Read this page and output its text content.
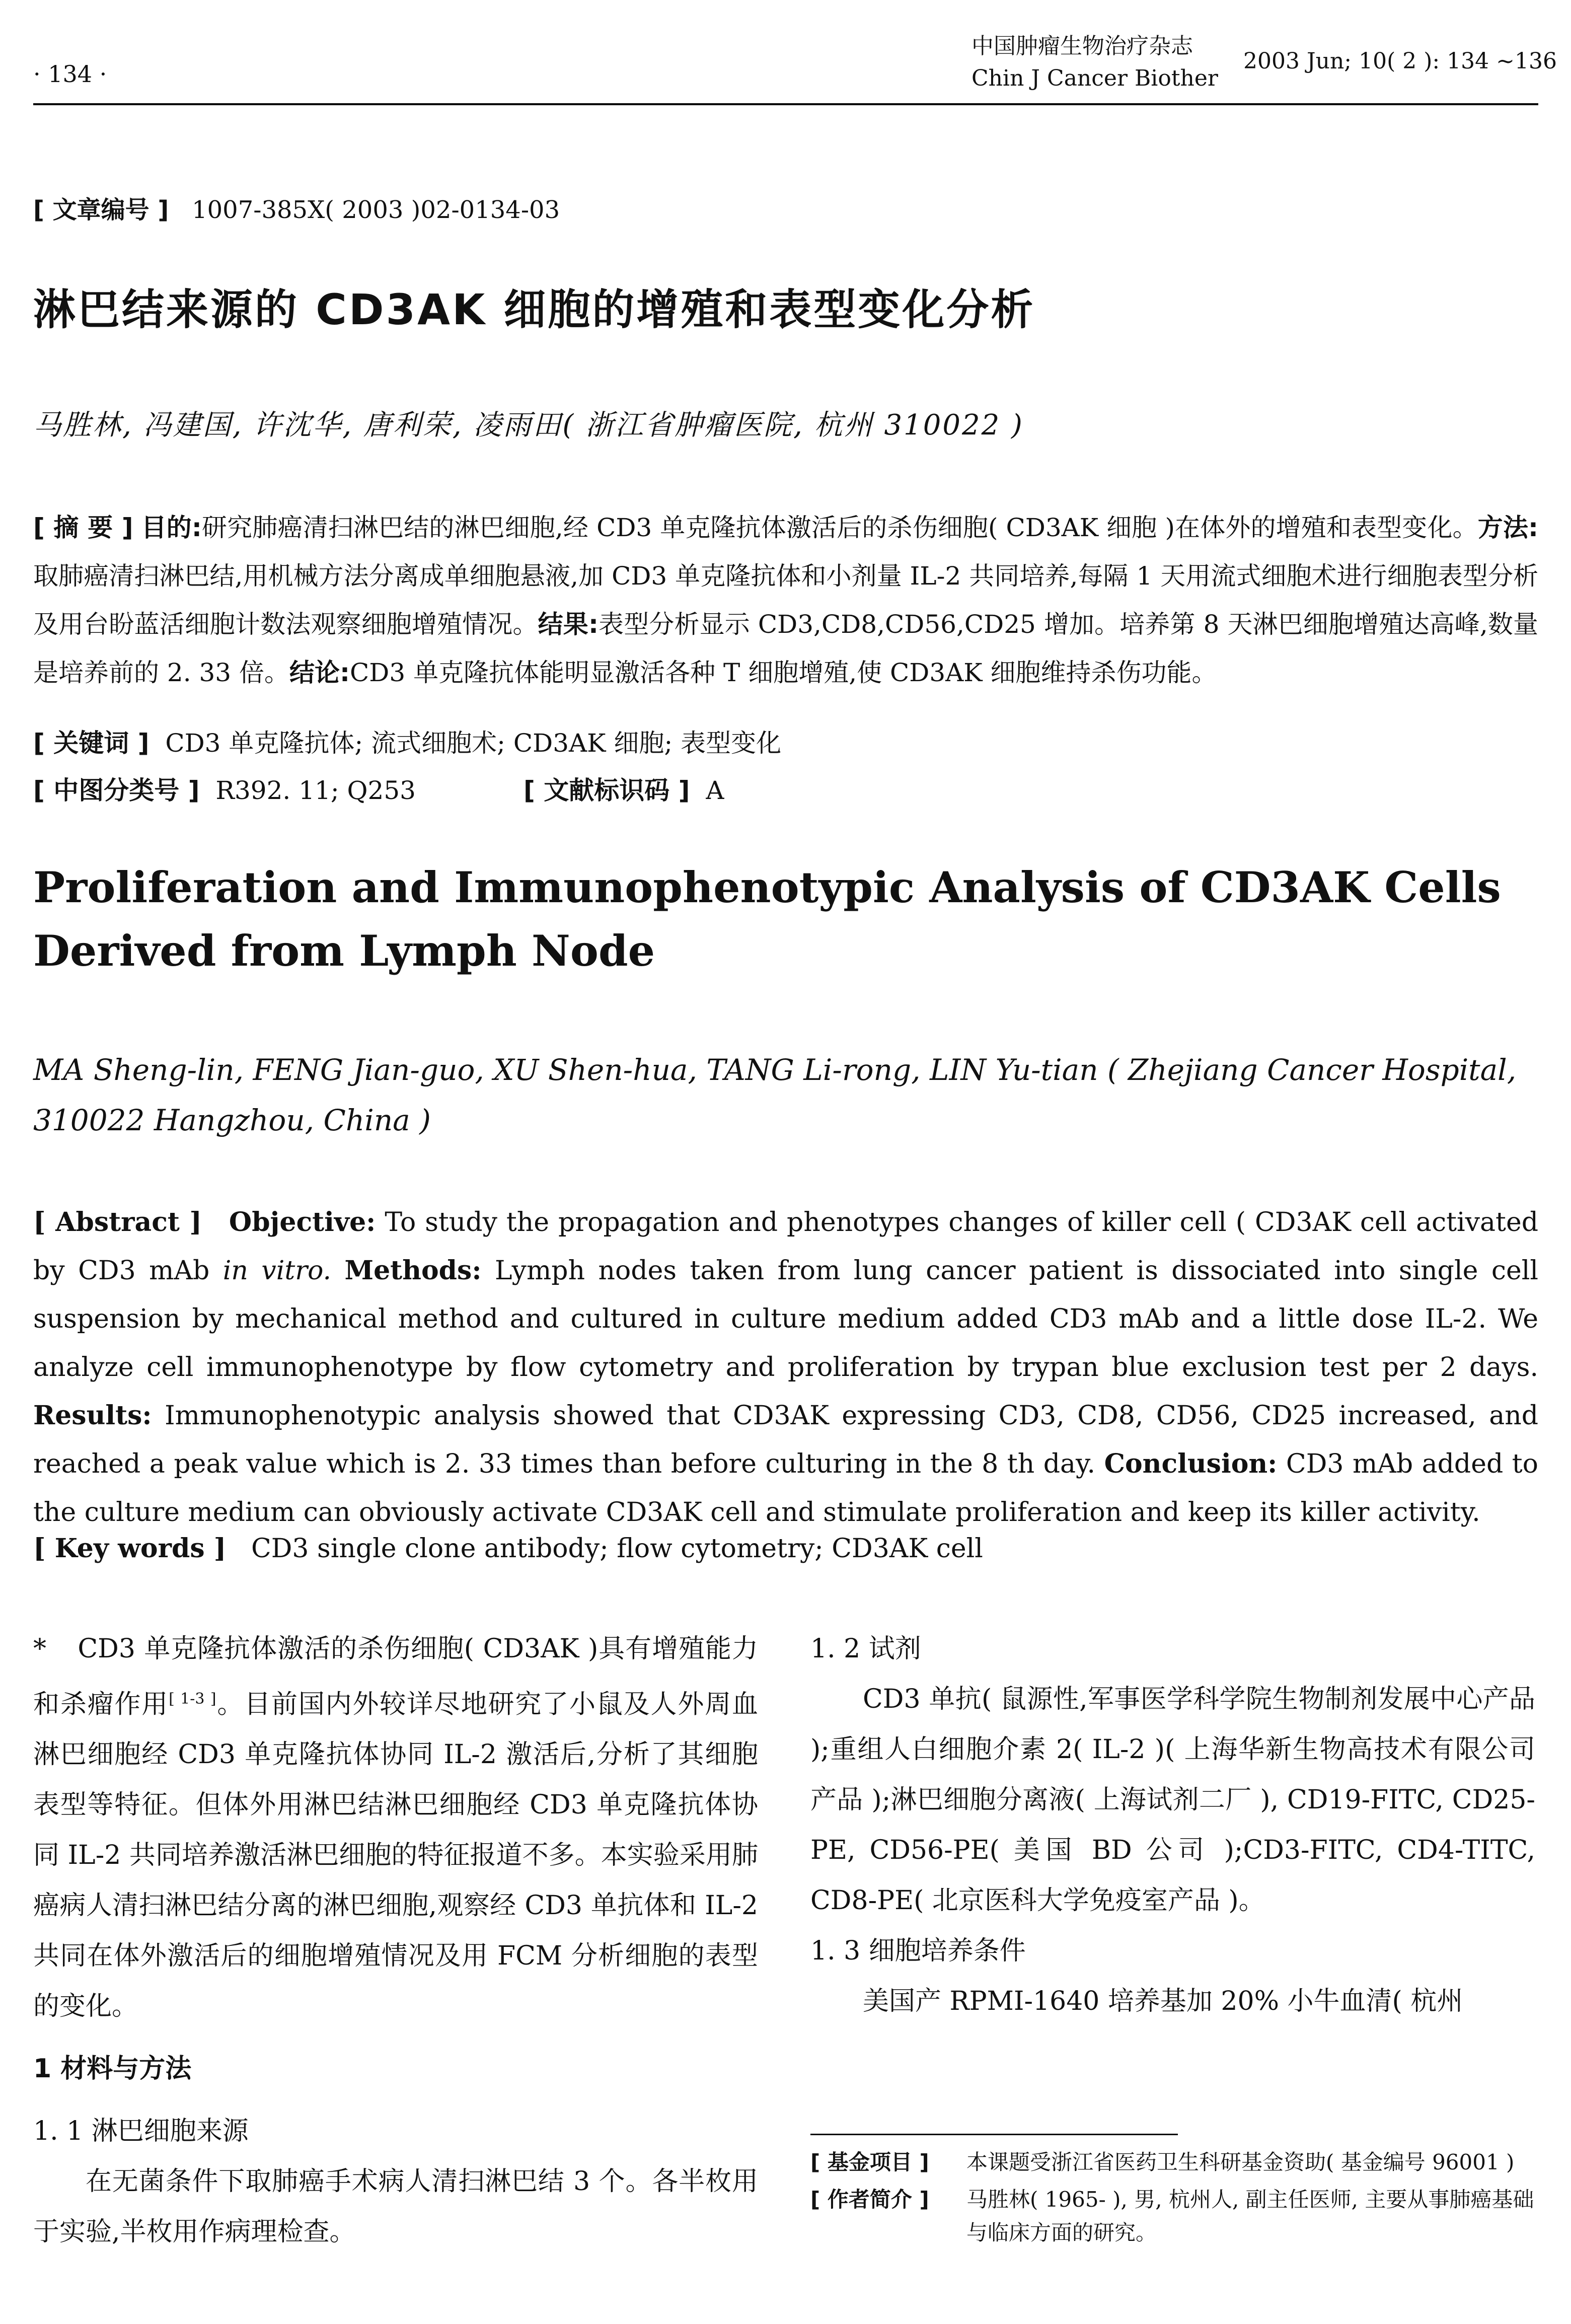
· 134 ·
中国肿瘤生物治疗杂志
Chin J Cancer Biother
2003 Jun; 10( 2 ): 134 ~136
[ 文章编号 ] 1007-385X( 2003 )02-0134-03
淋巴结来源的 CD3AK 细胞的增殖和表型变化分析
马胜林, 冯建国, 许沈华, 唐利荣, 凌雨田( 浙江省肿瘤医院, 杭州 310022 )
[ 摘 要 ] 目的:研究肺癌清扫淋巴结的淋巴细胞,经 CD3 单克隆抗体激活后的杀伤细胞( CD3AK 细胞 )在体外的增殖和表型变化。方法:取肺癌清扫淋巴结,用机械方法分离成单细胞悬液,加 CD3 单克隆抗体和小剂量 IL-2 共同培养,每隔 1 天用流式细胞术进行细胞表型分析及用台盼蓝活细胞计数法观察细胞增殖情况。结果:表型分析显示 CD3,CD8,CD56,CD25 增加。培养第 8 天淋巴细胞增殖达高峰,数量是培养前的 2. 33 倍。结论:CD3 单克隆抗体能明显激活各种 T 细胞增殖,使 CD3AK 细胞维持杀伤功能。
[ 关键词 ] CD3 单克隆抗体; 流式细胞术; CD3AK 细胞; 表型变化
[ 中图分类号 ] R392. 11; Q253	[ 文献标识码 ] A
Proliferation and Immunophenotypic Analysis of CD3AK Cells Derived from Lymph Node
MA Sheng-lin, FENG Jian-guo, XU Shen-hua, TANG Li-rong, LIN Yu-tian ( Zhejiang Cancer Hospital, 310022 Hangzhou, China )
[ Abstract ] Objective: To study the propagation and phenotypes changes of killer cell ( CD3AK cell activated by CD3 mAb in vitro. Methods: Lymph nodes taken from lung cancer patient is dissociated into single cell suspension by mechanical method and cultured in culture medium added CD3 mAb and a little dose IL-2. We analyze cell immunophenotype by flow cytometry and proliferation by trypan blue exclusion test per 2 days. Results: Immunophenotypic analysis showed that CD3AK expressing CD3, CD8, CD56, CD25 increased, and reached a peak value which is 2. 33 times than before culturing in the 8 th day. Conclusion: CD3 mAb added to the culture medium can obviously activate CD3AK cell and stimulate proliferation and keep its killer activity.
[ Key words ] CD3 single clone antibody; flow cytometry; CD3AK cell

* CD3 单克隆抗体激活的杀伤细胞( CD3AK )具有增殖能力和杀瘤作用[ 1-3 ]。目前国内外较详尽地研究了小鼠及人外周血淋巴细胞经 CD3 单克隆抗体协同 IL-2 激活后,分析了其细胞表型等特征。但体外用淋巴结淋巴细胞经 CD3 单克隆抗体协同 IL-2 共同培养激活淋巴细胞的特征报道不多。本实验采用肺癌病人清扫淋巴结分离的淋巴细胞,观察经 CD3 单抗体和 IL-2 共同在体外激活后的细胞增殖情况及用 FCM 分析细胞的表型的变化。

1 材料与方法

1. 1 淋巴细胞来源

在无菌条件下取肺癌手术病人清扫淋巴结 3 个。各半枚用于实验,半枚用作病理检查。

1. 2 试剂

CD3 单抗( 鼠源性,军事医学科学院生物制剂发展中心产品 );重组人白细胞介素 2( IL-2 )( 上海华新生物高技术有限公司产品 );淋巴细胞分离液( 上海试剂二厂 ), CD19-FITC, CD25-PE, CD56-PE( 美国 BD 公司 );CD3-FITC, CD4-TITC, CD8-PE( 北京医科大学免疫室产品 )。

1. 3 细胞培养条件

美国产 RPMI-1640 培养基加 20% 小牛血清( 杭州

[ 基金项目 ]	本课题受浙江省医药卫生科研基金资助( 基金编号 96001 )
[ 作者简介 ]	马胜林( 1965- ), 男, 杭州人, 副主任医师, 主要从事肺癌基础与临床方面的研究。
